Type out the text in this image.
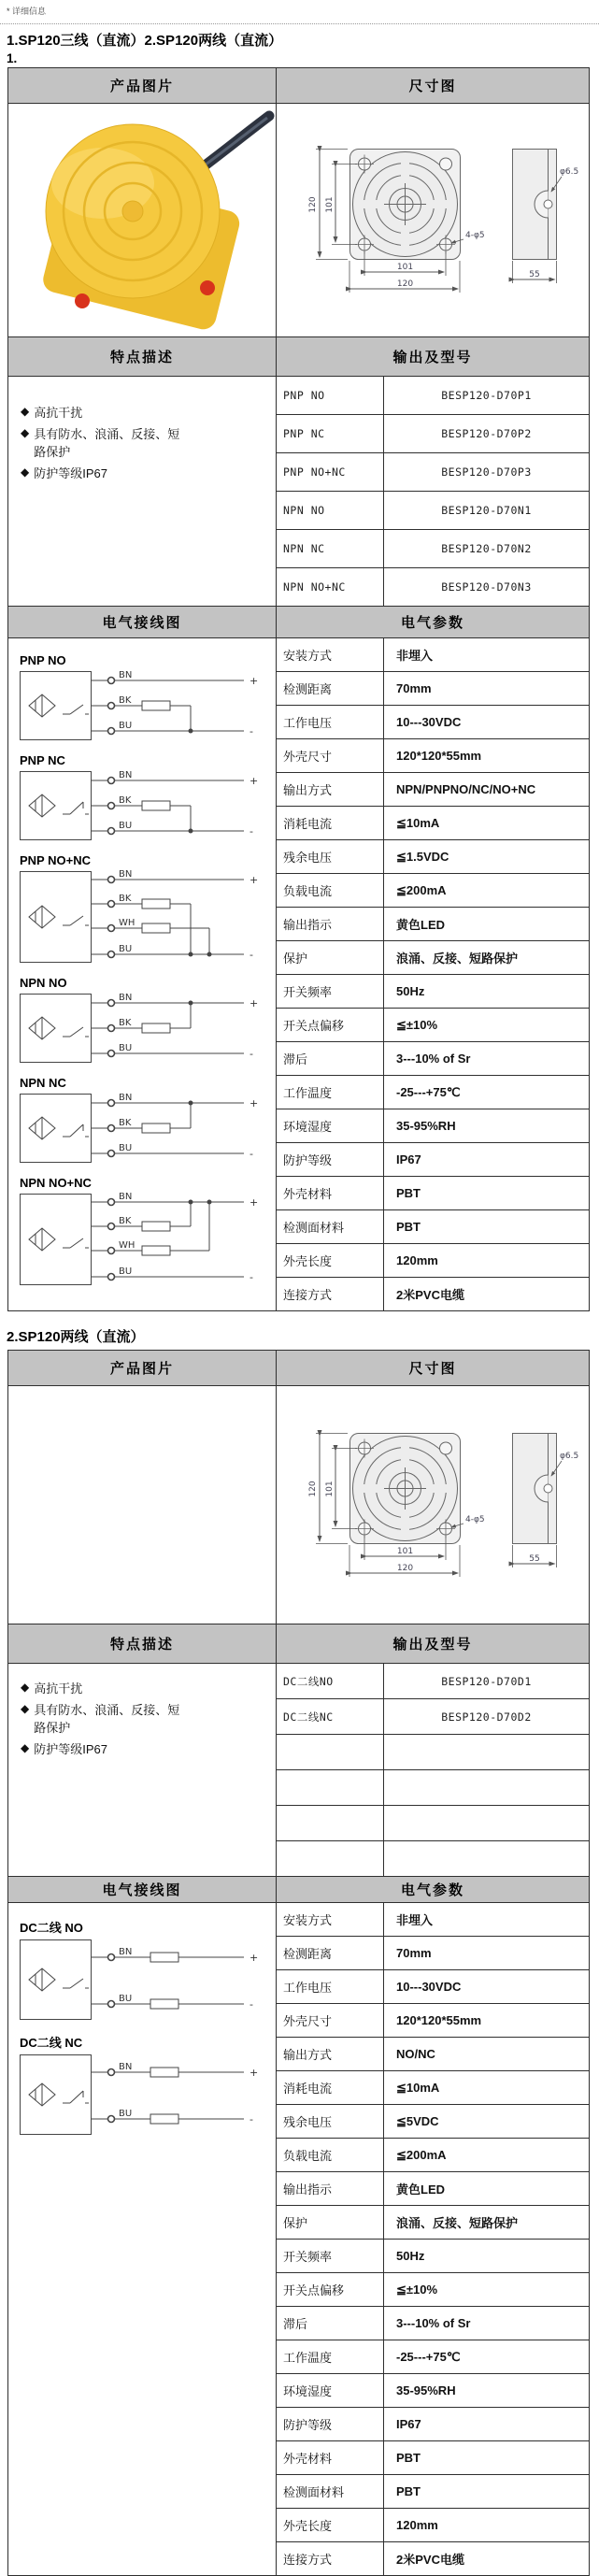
* 详细信息
1.SP120三线（直流）2.SP120两线（直流）
1.
产品图片	尺寸图
120 101
101
120
4-φ5
φ6.5
55
特点描述	输出及型号
◆ 高抗干扰
◆ 具有防水、浪涌、反接、短路保护
◆ 防护等级IP67
PNP NO	BESP120-D70P1
PNP NC	BESP120-D70P2
PNP NO+NC	BESP120-D70P3
NPN NO	BESP120-D70N1
NPN NC	BESP120-D70N2
NPN NO+NC	BESP120-D70N3
电气接线图	电气参数
PNP NO
BN
BK
BU
+
-
PNP NC
BN
BK
BU
+
-
PNP NO+NC
BN
BK
WH
BU
+
-
NPN NO
BN
BK
BU
+
-
NPN NC
BN
BK
BU
+
-
NPN NO+NC
BN
BK
WH
BU
+
-
安装方式	非埋入
检测距离	70mm
工作电压	10---30VDC
外壳尺寸	120*120*55mm
输出方式	NPN/PNPNO/NC/NO+NC
消耗电流	≦10mA
残余电压	≦1.5VDC
负载电流	≦200mA
输出指示	黄色LED
保护	浪涌、反接、短路保护
开关频率	50Hz
开关点偏移	≦±10%
滞后	3---10% of Sr
工作温度	-25---+75℃
环境湿度	35-95%RH
防护等级	IP67
外壳材料	PBT
检测面材料	PBT
外壳长度	120mm
连接方式	2米PVC电缆
2.SP120两线（直流）
产品图片	尺寸图
120 101
101
120
4-φ5
φ6.5
55
特点描述	输出及型号
◆ 高抗干扰
◆ 具有防水、浪涌、反接、短路保护
◆ 防护等级IP67
DC二线NO	BESP120-D70D1
DC二线NC	BESP120-D70D2
电气接线图	电气参数
DC二线 NO
BN
BU
+
-
DC二线 NC
BN
BU
+
-
安装方式	非埋入
检测距离	70mm
工作电压	10---30VDC
外壳尺寸	120*120*55mm
输出方式	NO/NC
消耗电流	≦10mA
残余电压	≦5VDC
负载电流	≦200mA
输出指示	黄色LED
保护	浪涌、反接、短路保护
开关频率	50Hz
开关点偏移	≦±10%
滞后	3---10% of Sr
工作温度	-25---+75℃
环境湿度	35-95%RH
防护等级	IP67
外壳材料	PBT
检测面材料	PBT
外壳长度	120mm
连接方式	2米PVC电缆
